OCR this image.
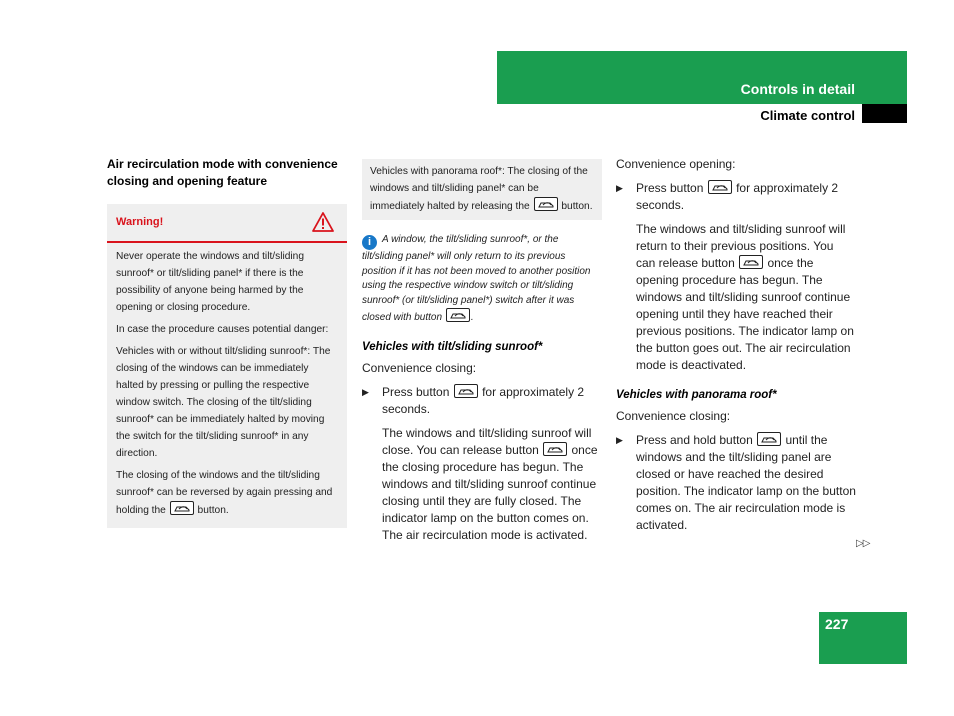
Controls in detail
Climate control
Air recirculation mode with convenience closing and opening feature
Warning!

Never operate the windows and tilt/sliding sunroof* or tilt/sliding panel* if there is the possibility of anyone being harmed by the opening or closing procedure.

In case the procedure causes potential danger:

Vehicles with or without tilt/sliding sunroof*: The closing of the windows can be immediately halted by pressing or pulling the respective window switch. The closing of the tilt/sliding sunroof* can be immediately halted by moving the switch for the tilt/sliding sunroof* in any direction.

The closing of the windows and the tilt/sliding sunroof* can be reversed by again pressing and holding the	button.

Vehicles with panorama roof*: The closing of the windows and tilt/sliding panel* can be immediately halted by releasing the	button.

i A window, the tilt/sliding sunroof*, or the tilt/sliding panel* will only return to its previous position if it has not been moved to another position using the respective window switch or tilt/sliding sunroof* (or tilt/sliding panel*) switch after it was closed with button	.
Vehicles with tilt/sliding sunroof*
Convenience closing:
▶ Press button	for approximately 2 seconds.
The windows and tilt/sliding sunroof will close. You can release button	once the closing procedure has begun. The windows and tilt/sliding sunroof continue closing until they are fully closed. The indicator lamp on the button comes on. The air recirculation mode is activated.
Convenience opening:
▶ Press button	for approximately 2 seconds.
The windows and tilt/sliding sunroof will return to their previous positions. You can release button	once the opening procedure has begun. The windows and tilt/sliding sunroof continue opening until they have reached their previous positions. The indicator lamp on the button goes out. The air recirculation mode is deactivated.
Vehicles with panorama roof*
Convenience closing:
▶ Press and hold button	until the windows and the tilt/sliding panel are closed or have reached the desired position. The indicator lamp on the button comes on. The air recirculation mode is activated.
▷▷
227
